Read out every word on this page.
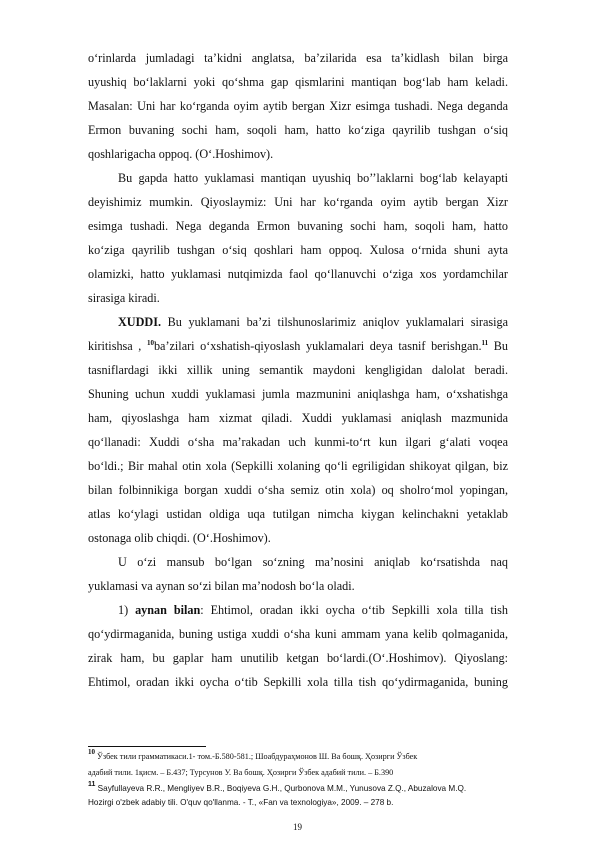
o‘rinlarda jumladagi ta’kidni anglatsa, ba’zilarida esa ta’kidlash bilan birga
uyushiq bo‘laklarni yoki qo‘shma gap qismlarini mantiqan bog‘lab ham keladi.
Masalan: Uni har ko‘rganda oyim aytib bergan Xizr esimga tushadi. Nega deganda
Ermon buvaning sochi ham, soqoli ham, hatto ko‘ziga qayrilib tushgan o‘siq
qoshlarigacha oppoq. (O‘.Hoshimov).
Bu gapda hatto yuklamasi mantiqan uyushiq bo’’laklarni bog‘lab kelayapti
deyishimiz mumkin. Qiyoslaymiz: Uni har ko‘rganda oyim aytib bergan Xizr
esimga tushadi. Nega deganda Ermon buvaning sochi ham, soqoli ham, hatto
ko‘ziga qayrilib tushgan o‘siq qoshlari ham oppoq. Xulosa o‘rnida shuni ayta
olamizki, hatto yuklamasi nutqimizda faol qo‘llanuvchi o‘ziga xos yordamchilar
sirasiga kiradi.
XUDDI. Bu yuklamani ba’zi tilshunoslarimiz aniqlov yuklamalari sirasiga
kiritishsa , $^{10}$ba’zilari o‘xshatish-qiyoslash yuklamalari deya tasnif berishgan.$^{11}$ Bu
tasniflardagi ikki xillik uning semantik maydoni kengligidan dalolat beradi.
Shuning uchun xuddi yuklamasi jumla mazmunini aniqlashga ham, o‘xshatishga
ham, qiyoslashga ham xizmat qiladi. Xuddi yuklamasi aniqlash mazmunida
qo‘llanadi: Xuddi o‘sha ma’rakadan uch kunmi-to‘rt kun ilgari g‘alati voqea
bo‘ldi.; Bir mahal otin xola (Sepkilli xolaning qo‘li egriligidan shikoyat qilgan, biz
bilan folbinnikiga borgan xuddi o‘sha semiz otin xola) oq sholro‘mol yopingan,
atlas ko‘ylagi ustidan oldiga uqa tutilgan nimcha kiygan kelinchakni yetaklab
ostonaga olib chiqdi. (O‘.Hoshimov).
U o‘zi mansub bo‘lgan so‘zning ma’nosini aniqlab ko‘rsatishda naq
yuklamasi va aynan so‘zi bilan ma’nodosh bo‘la oladi.
1) aynan bilan: Ehtimol, oradan ikki oycha o‘tib Sepkilli xola tilla tish
qo‘ydirmaganida, buning ustiga xuddi o‘sha kuni ammam yana kelib qolmaganida,
zirak ham, bu gaplar ham unutilib ketgan bo‘lardi.(O‘.Hoshimov). Qiyoslang:
Ehtimol, oradan ikki oycha o‘tib Sepkilli xola tilla tish qo‘ydirmaganida, buning
$^{10}$ Ўзбек тили грамматикаси.1- том.-Б.580-581.; Шоабдураҳмонов Ш. Ва бошқ. Ҳозирги Ўзбек
адабий тили. 1қисм. – Б.437; Турсунов У. Ва бошқ. Ҳозирги Ўзбек адабий тили. – Б.390
$^{11}$ Sayfullayeva R.R., Mengliyev B.R., Boqiyeva G.H., Qurbonova M.M., Yunusova Z.Q., Abuzalova M.Q.
Hozirgi o'zbek adabiy tili. O'quv qo'llanma. - T., «Fan va texnologiya», 2009. – 278 b.
19
